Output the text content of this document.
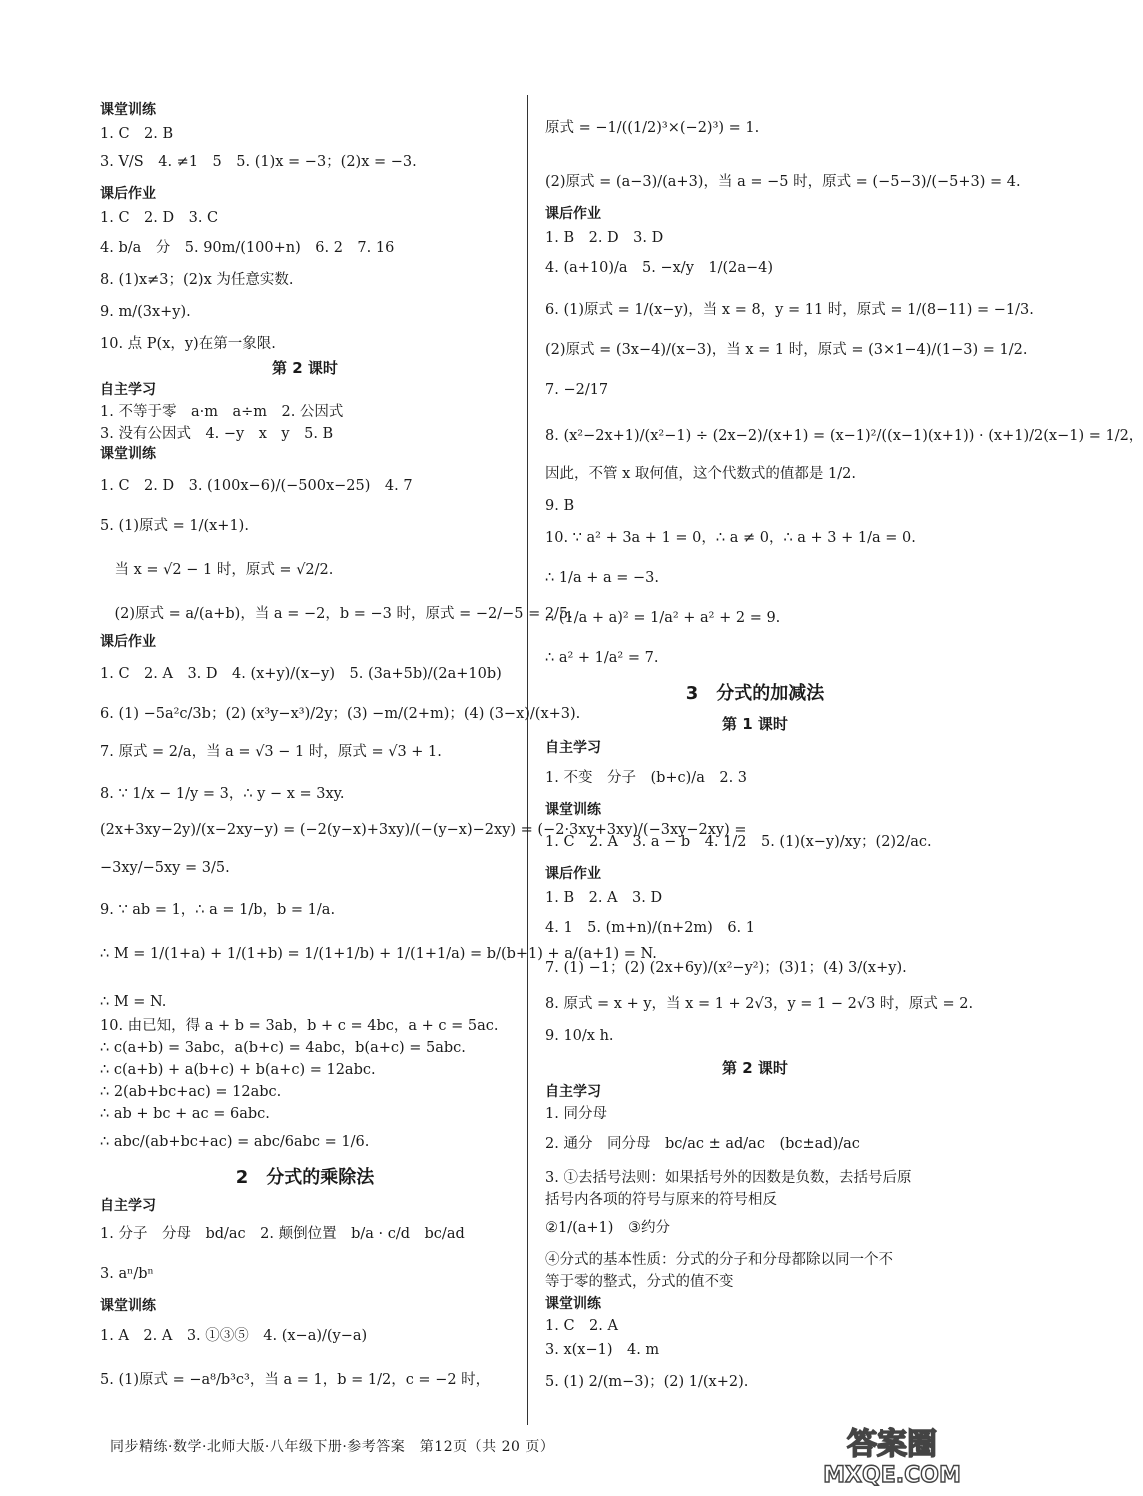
课堂训练
1. C　2. B
3. V/S　4. ≠1　5　5. (1)x = −3；(2)x = −3.
课后作业
1. C　2. D　3. C
4. b/a　分　5. 90m/(100+n)　6. 2　7. 16
8. (1)x≠3；(2)x 为任意实数.
9. m/(3x+y).
10. 点 P(x，y)在第一象限.
第 2 课时
自主学习
1. 不等于零　a·m　a÷m　2. 公因式
3. 没有公因式　4. −y　x　y　5. B
课堂训练
1. C　2. D　3. (100x−6)/(−500x−25)　4. 7
5. (1)原式 = 1/(x+1).
　当 x = √2 − 1 时，原式 = √2/2.
　(2)原式 = a/(a+b)，当 a = −2，b = −3 时，原式 = −2/−5 = 2/5.
课后作业
1. C　2. A　3. D　4. (x+y)/(x−y)　5. (3a+5b)/(2a+10b)
6. (1) −5a²c/3b；(2) (x³y−x³)/2y；(3) −m/(2+m)；(4) (3−x)/(x+3).
7. 原式 = 2/a，当 a = √3 − 1 时，原式 = √3 + 1.
8. ∵ 1/x − 1/y = 3，∴ y − x = 3xy.
(2x+3xy−2y)/(x−2xy−y) = (−2(y−x)+3xy)/(−(y−x)−2xy) = (−2·3xy+3xy)/(−3xy−2xy) =
−3xy/−5xy = 3/5.
9. ∵ ab = 1，∴ a = 1/b，b = 1/a.
∴ M = 1/(1+a) + 1/(1+b) = 1/(1+1/b) + 1/(1+1/a) = b/(b+1) + a/(a+1) = N.
∴ M = N.
10. 由已知，得 a + b = 3ab，b + c = 4bc，a + c = 5ac.
∴ c(a+b) = 3abc，a(b+c) = 4abc，b(a+c) = 5abc.
∴ c(a+b) + a(b+c) + b(a+c) = 12abc.
∴ 2(ab+bc+ac) = 12abc.
∴ ab + bc + ac = 6abc.
∴ abc/(ab+bc+ac) = abc/6abc = 1/6.
2　分式的乘除法
自主学习
1. 分子　分母　bd/ac　2. 颠倒位置　b/a · c/d　bc/ad
3. aⁿ/bⁿ
课堂训练
1. A　2. A　3. ①③⑤　4. (x−a)/(y−a)
5. (1)原式 = −a⁸/b³c³，当 a = 1，b = 1/2，c = −2 时，
原式 = −1/((1/2)³×(−2)³) = 1.
(2)原式 = (a−3)/(a+3)，当 a = −5 时，原式 = (−5−3)/(−5+3) = 4.
课后作业
1. B　2. D　3. D
4. (a+10)/a　5. −x/y　1/(2a−4)
6. (1)原式 = 1/(x−y)，当 x = 8，y = 11 时，原式 = 1/(8−11) = −1/3.
(2)原式 = (3x−4)/(x−3)，当 x = 1 时，原式 = (3×1−4)/(1−3) = 1/2.
7. −2/17
8. (x²−2x+1)/(x²−1) ÷ (2x−2)/(x+1) = (x−1)²/((x−1)(x+1)) · (x+1)/2(x−1) = 1/2，
因此，不管 x 取何值，这个代数式的值都是 1/2.
9. B
10. ∵ a² + 3a + 1 = 0，∴ a ≠ 0，∴ a + 3 + 1/a = 0.
∴ 1/a + a = −3.
∴ (1/a + a)² = 1/a² + a² + 2 = 9.
∴ a² + 1/a² = 7.
3　分式的加减法
第 1 课时
自主学习
1. 不变　分子　(b+c)/a　2. 3
课堂训练
1. C　2. A　3. a − b　4. 1/2　5. (1)(x−y)/xy；(2)2/ac.
课后作业
1. B　2. A　3. D
4. 1　5. (m+n)/(n+2m)　6. 1
7. (1) −1；(2) (2x+6y)/(x²−y²)；(3)1；(4) 3/(x+y).
8. 原式 = x + y，当 x = 1 + 2√3，y = 1 − 2√3 时，原式 = 2.
9. 10/x h.
第 2 课时
自主学习
1. 同分母
2. 通分　同分母　bc/ac ± ad/ac　(bc±ad)/ac
3. ①去括号法则：如果括号外的因数是负数，去括号后原
括号内各项的符号与原来的符号相反
②1/(a+1)　③约分
④分式的基本性质：分式的分子和分母都除以同一个不
等于零的整式，分式的值不变
课堂训练
1. C　2. A
3. x(x−1)　4. m
5. (1) 2/(m−3)；(2) 1/(x+2).
同步精练·数学·北师大版·八年级下册·参考答案　第12页（共 20 页）	答案圈
MXQE.COM
